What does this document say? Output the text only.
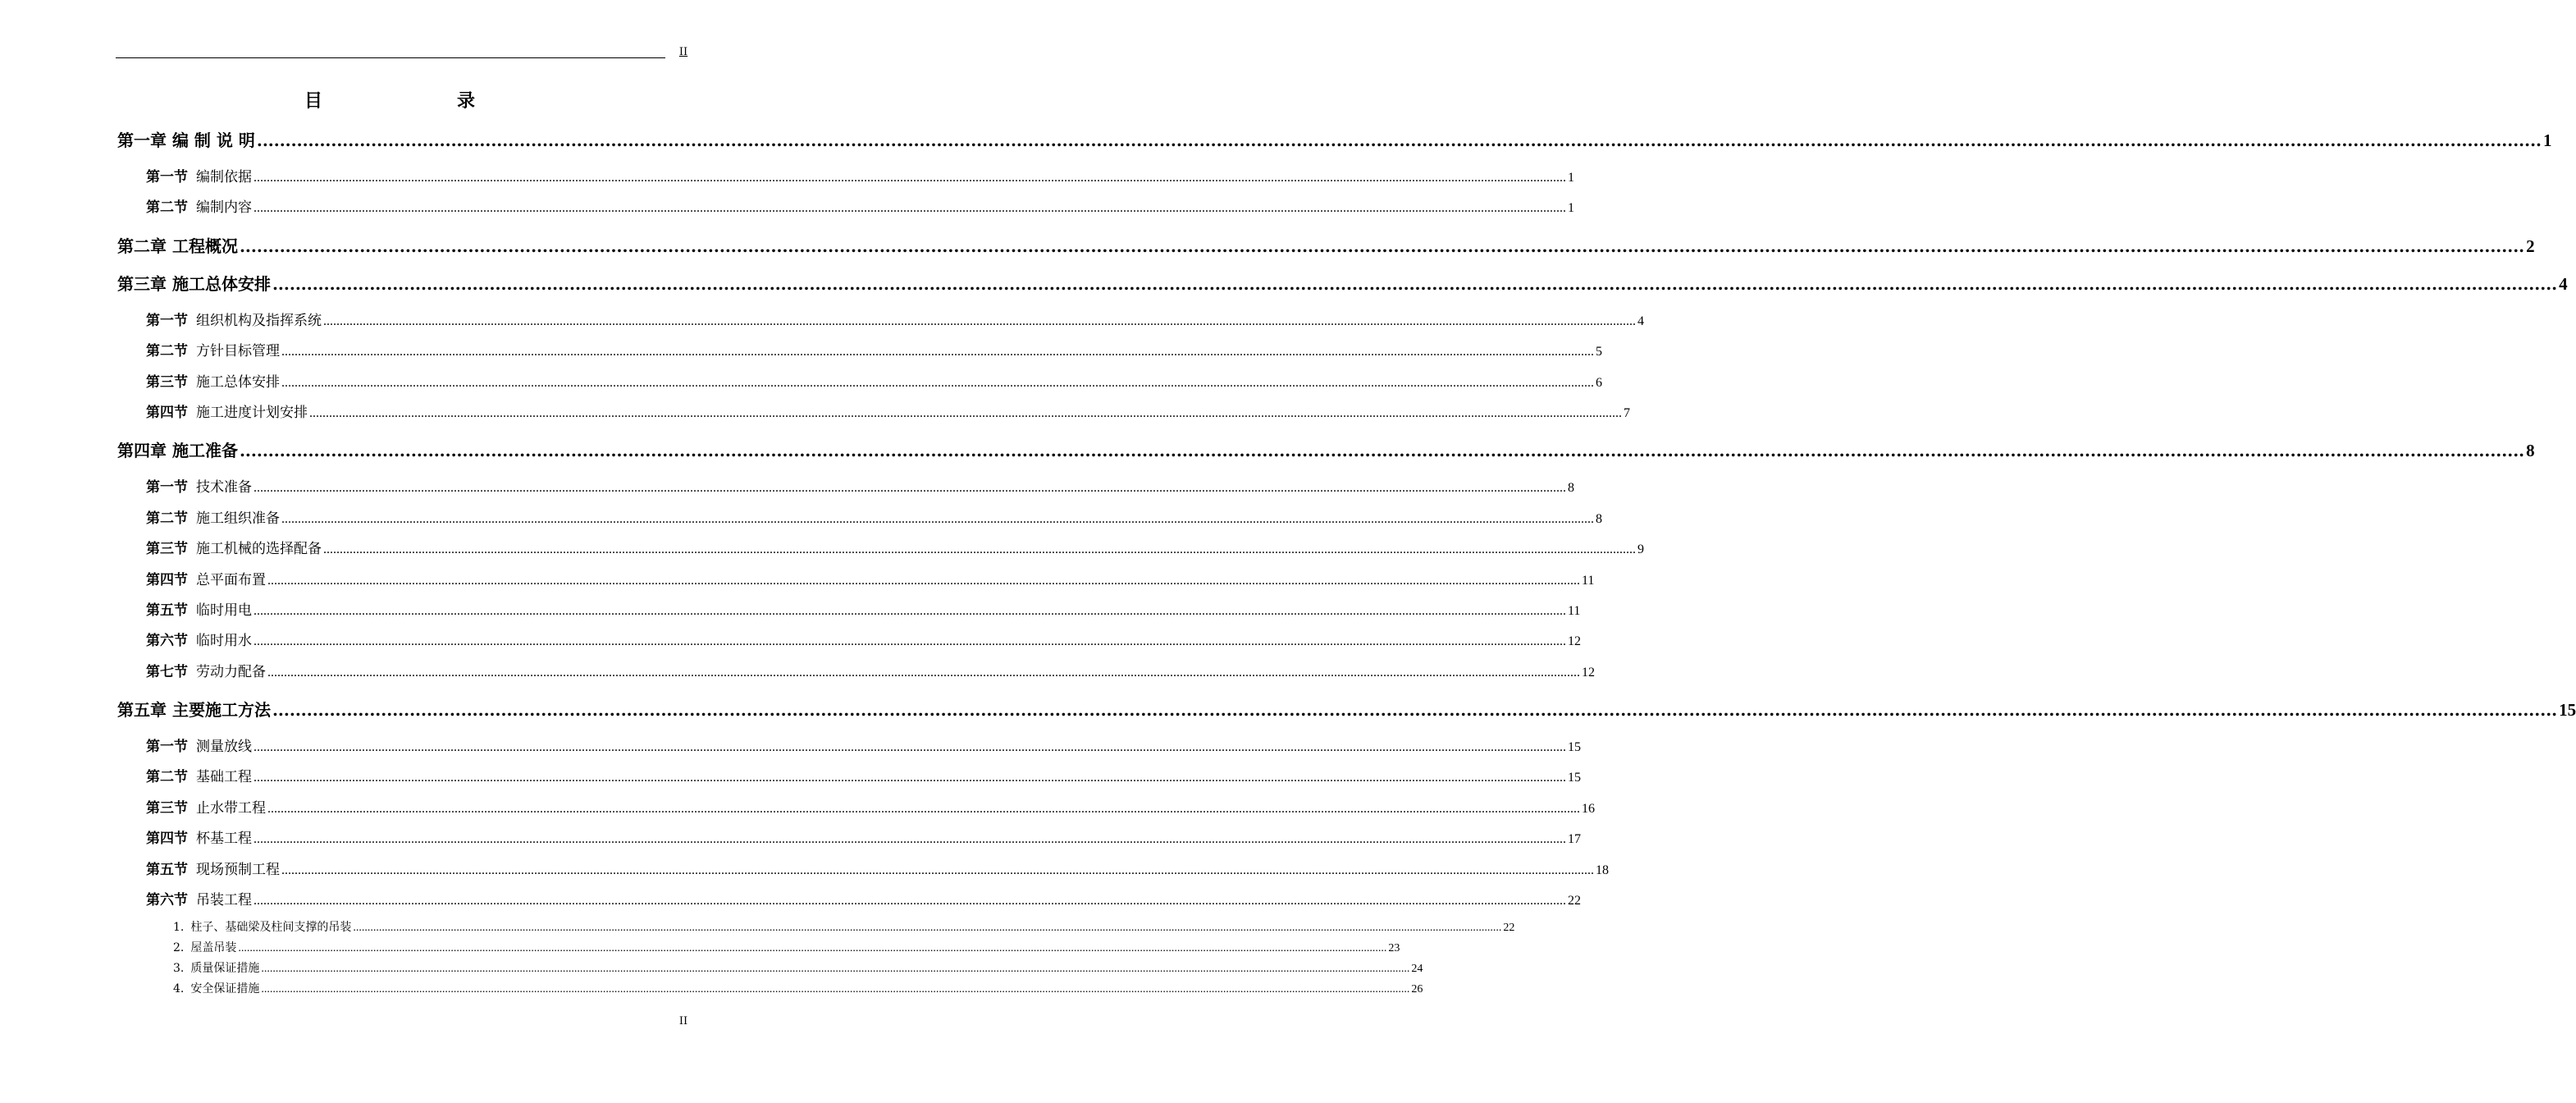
II
目　　录
第一章 编 制 说 明 ................................................................................................................................................................................................................................................................................................................................................................................................................ 1
第一节 编制依据 ................................................................................................................................................................................................................................................................................................................................................................................................................ 1
第二节 编制内容 ................................................................................................................................................................................................................................................................................................................................................................................................................ 1
第二章 工程概况 ................................................................................................................................................................................................................................................................................................................................................................................................................ 2
第三章 施工总体安排 ................................................................................................................................................................................................................................................................................................................................................................................................................ 4
第一节 组织机构及指挥系统 ................................................................................................................................................................................................................................................................................................................................................................................................................ 4
第二节 方针目标管理 ................................................................................................................................................................................................................................................................................................................................................................................................................ 5
第三节 施工总体安排 ................................................................................................................................................................................................................................................................................................................................................................................................................ 6
第四节 施工进度计划安排 ................................................................................................................................................................................................................................................................................................................................................................................................................ 7
第四章 施工准备 ................................................................................................................................................................................................................................................................................................................................................................................................................ 8
第一节 技术准备 ................................................................................................................................................................................................................................................................................................................................................................................................................ 8
第二节 施工组织准备 ................................................................................................................................................................................................................................................................................................................................................................................................................ 8
第三节 施工机械的选择配备 ................................................................................................................................................................................................................................................................................................................................................................................................................ 9
第四节 总平面布置 ................................................................................................................................................................................................................................................................................................................................................................................................................ 11
第五节 临时用电 ................................................................................................................................................................................................................................................................................................................................................................................................................ 11
第六节 临时用水 ................................................................................................................................................................................................................................................................................................................................................................................................................ 12
第七节 劳动力配备 ................................................................................................................................................................................................................................................................................................................................................................................................................ 12
第五章 主要施工方法 ................................................................................................................................................................................................................................................................................................................................................................................................................ 15
第一节 测量放线 ................................................................................................................................................................................................................................................................................................................................................................................................................ 15
第二节 基础工程 ................................................................................................................................................................................................................................................................................................................................................................................................................ 15
第三节 止水带工程 ................................................................................................................................................................................................................................................................................................................................................................................................................ 16
第四节 杯基工程 ................................................................................................................................................................................................................................................................................................................................................................................................................ 17
第五节 现场预制工程 ................................................................................................................................................................................................................................................................................................................................................................................................................ 18
第六节 吊装工程 ................................................................................................................................................................................................................................................................................................................................................................................................................ 22
1. 柱子、基础梁及柱间支撑的吊装 ................................................................................................................................................................................................................................................................................................................................................................................................................ 22
2. 屋盖吊装 ................................................................................................................................................................................................................................................................................................................................................................................................................ 23
3. 质量保证措施 ................................................................................................................................................................................................................................................................................................................................................................................................................ 24
4. 安全保证措施 ................................................................................................................................................................................................................................................................................................................................................................................................................ 26
II
